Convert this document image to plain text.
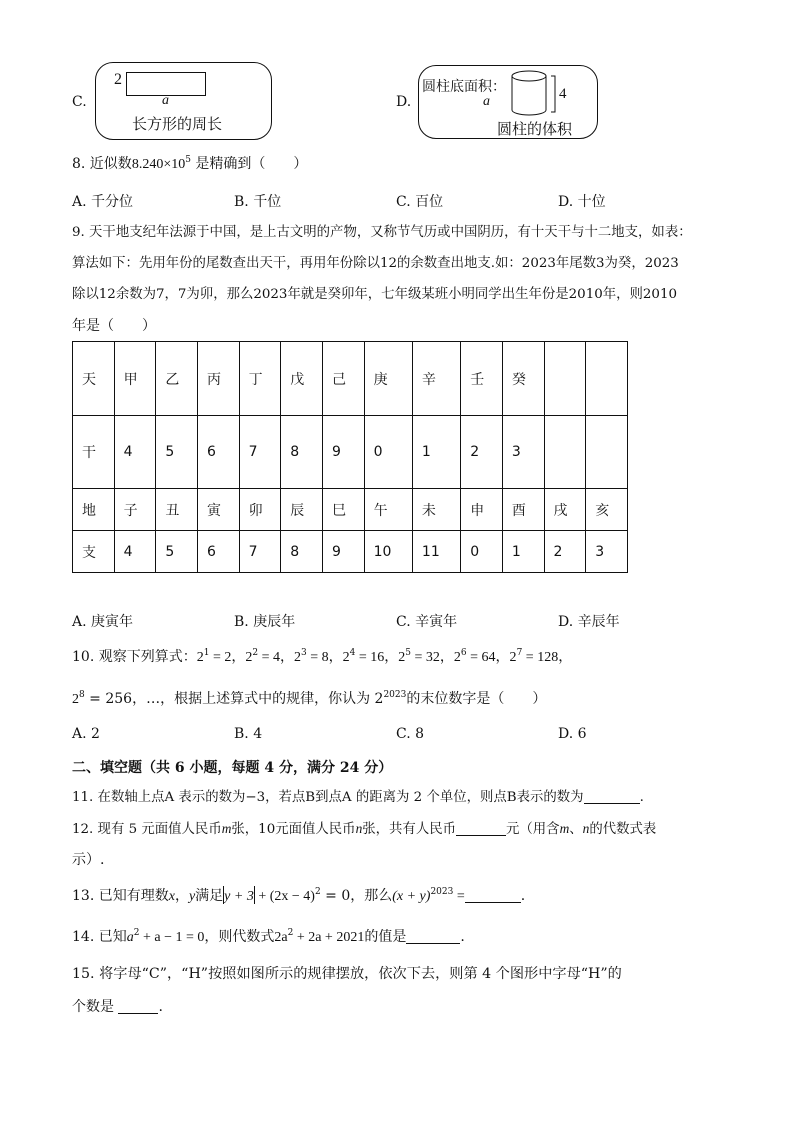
C.
2
a
长方形的周长
D.
圆柱底面积：
a	4
圆柱的体积
8. 近似数$8.240\times 10^5$ 是精确到（　　）
A. 千分位	B. 千位	C. 百位	D. 十位
9. 天干地支纪年法源于中国，是上古文明的产物，又称节气历或中国阴历，有十天干与十二地支，如表：
算法如下：先用年份的尾数查出天干，再用年份除以12的余数查出地支.如：2023年尾数3为癸，2023
除以12余数为7，7为卯，那么2023年就是癸卯年，七年级某班小明同学出生年份是2010年，则2010
年是（　　）
天	甲	乙	丙	丁	戊	己	庚	辛	壬	癸		
干	4	5	6	7	8	9	0	1	2	3		
地	子	丑	寅	卯	辰	巳	午	未	申	酉	戌	亥
支	4	5	6	7	8	9	10	11	0	1	2	3
A. 庚寅年	B. 庚辰年	C. 辛寅年	D. 辛辰年
10. 观察下列算式：$2^1 = 2$，$2^2 = 4$，$2^3 = 8$，$2^4 = 16$，$2^5 = 32$，$2^6 = 64$，$2^7 = 128$，
$2^8 = 256$，…，根据上述算式中的规律，你认为 $2^{2023}$的末位数字是（　　）
A. 2	B. 4	C. 8	D. 6
二、填空题（共 6 小题，每题 4 分，满分 24 分）
11. 在数轴上点A 表示的数为−3，若点B到点A 的距离为 2 个单位，则点B表示的数为	.
12. 现有 5 元面值人民币m张，10元面值人民币n张，共有人民币	元（用含m、n的代数式表
示）.
13. 已知有理数x，y满足$y + 3 + (2x - 4)^2 = 0$，那么$(x + y)^{2023}$ =	.
14. 已知$a^2 + a - 1 = 0$，则代数式$2a^2 + 2a + 2021$的值是	.
15. 将字母“C”，“H”按照如图所示的规律摆放，依次下去，则第 4 个图形中字母“H”的
个数是	.
